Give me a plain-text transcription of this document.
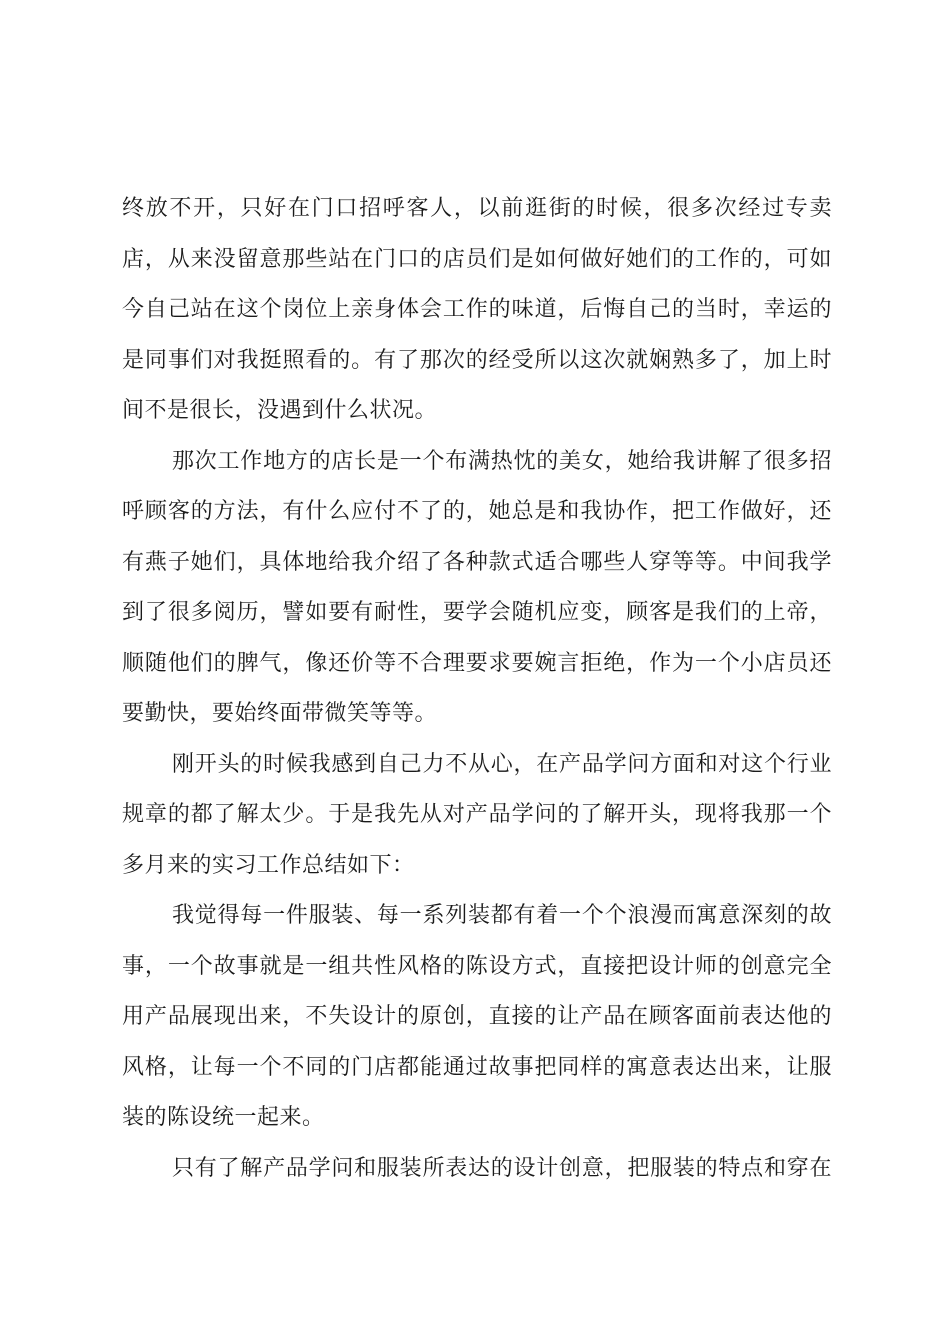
终放不开，只好在门口招呼客人，以前逛街的时候，很多次经过专卖
店，从来没留意那些站在门口的店员们是如何做好她们的工作的，可如
今自己站在这个岗位上亲身体会工作的味道，后悔自己的当时，幸运的
是同事们对我挺照看的。有了那次的经受所以这次就娴熟多了，加上时
间不是很长，没遇到什么状况。
那次工作地方的店长是一个布满热忱的美女，她给我讲解了很多招
呼顾客的方法，有什么应付不了的，她总是和我协作，把工作做好，还
有燕子她们，具体地给我介绍了各种款式适合哪些人穿等等。中间我学
到了很多阅历，譬如要有耐性，要学会随机应变，顾客是我们的上帝，
顺随他们的脾气，像还价等不合理要求要婉言拒绝，作为一个小店员还
要勤快，要始终面带微笑等等。
刚开头的时候我感到自己力不从心，在产品学问方面和对这个行业
规章的都了解太少。于是我先从对产品学问的了解开头，现将我那一个
多月来的实习工作总结如下：
我觉得每一件服装、每一系列装都有着一个个浪漫而寓意深刻的故
事，一个故事就是一组共性风格的陈设方式，直接把设计师的创意完全
用产品展现出来，不失设计的原创，直接的让产品在顾客面前表达他的
风格，让每一个不同的门店都能通过故事把同样的寓意表达出来，让服
装的陈设统一起来。
只有了解产品学问和服装所表达的设计创意，把服装的特点和穿在
